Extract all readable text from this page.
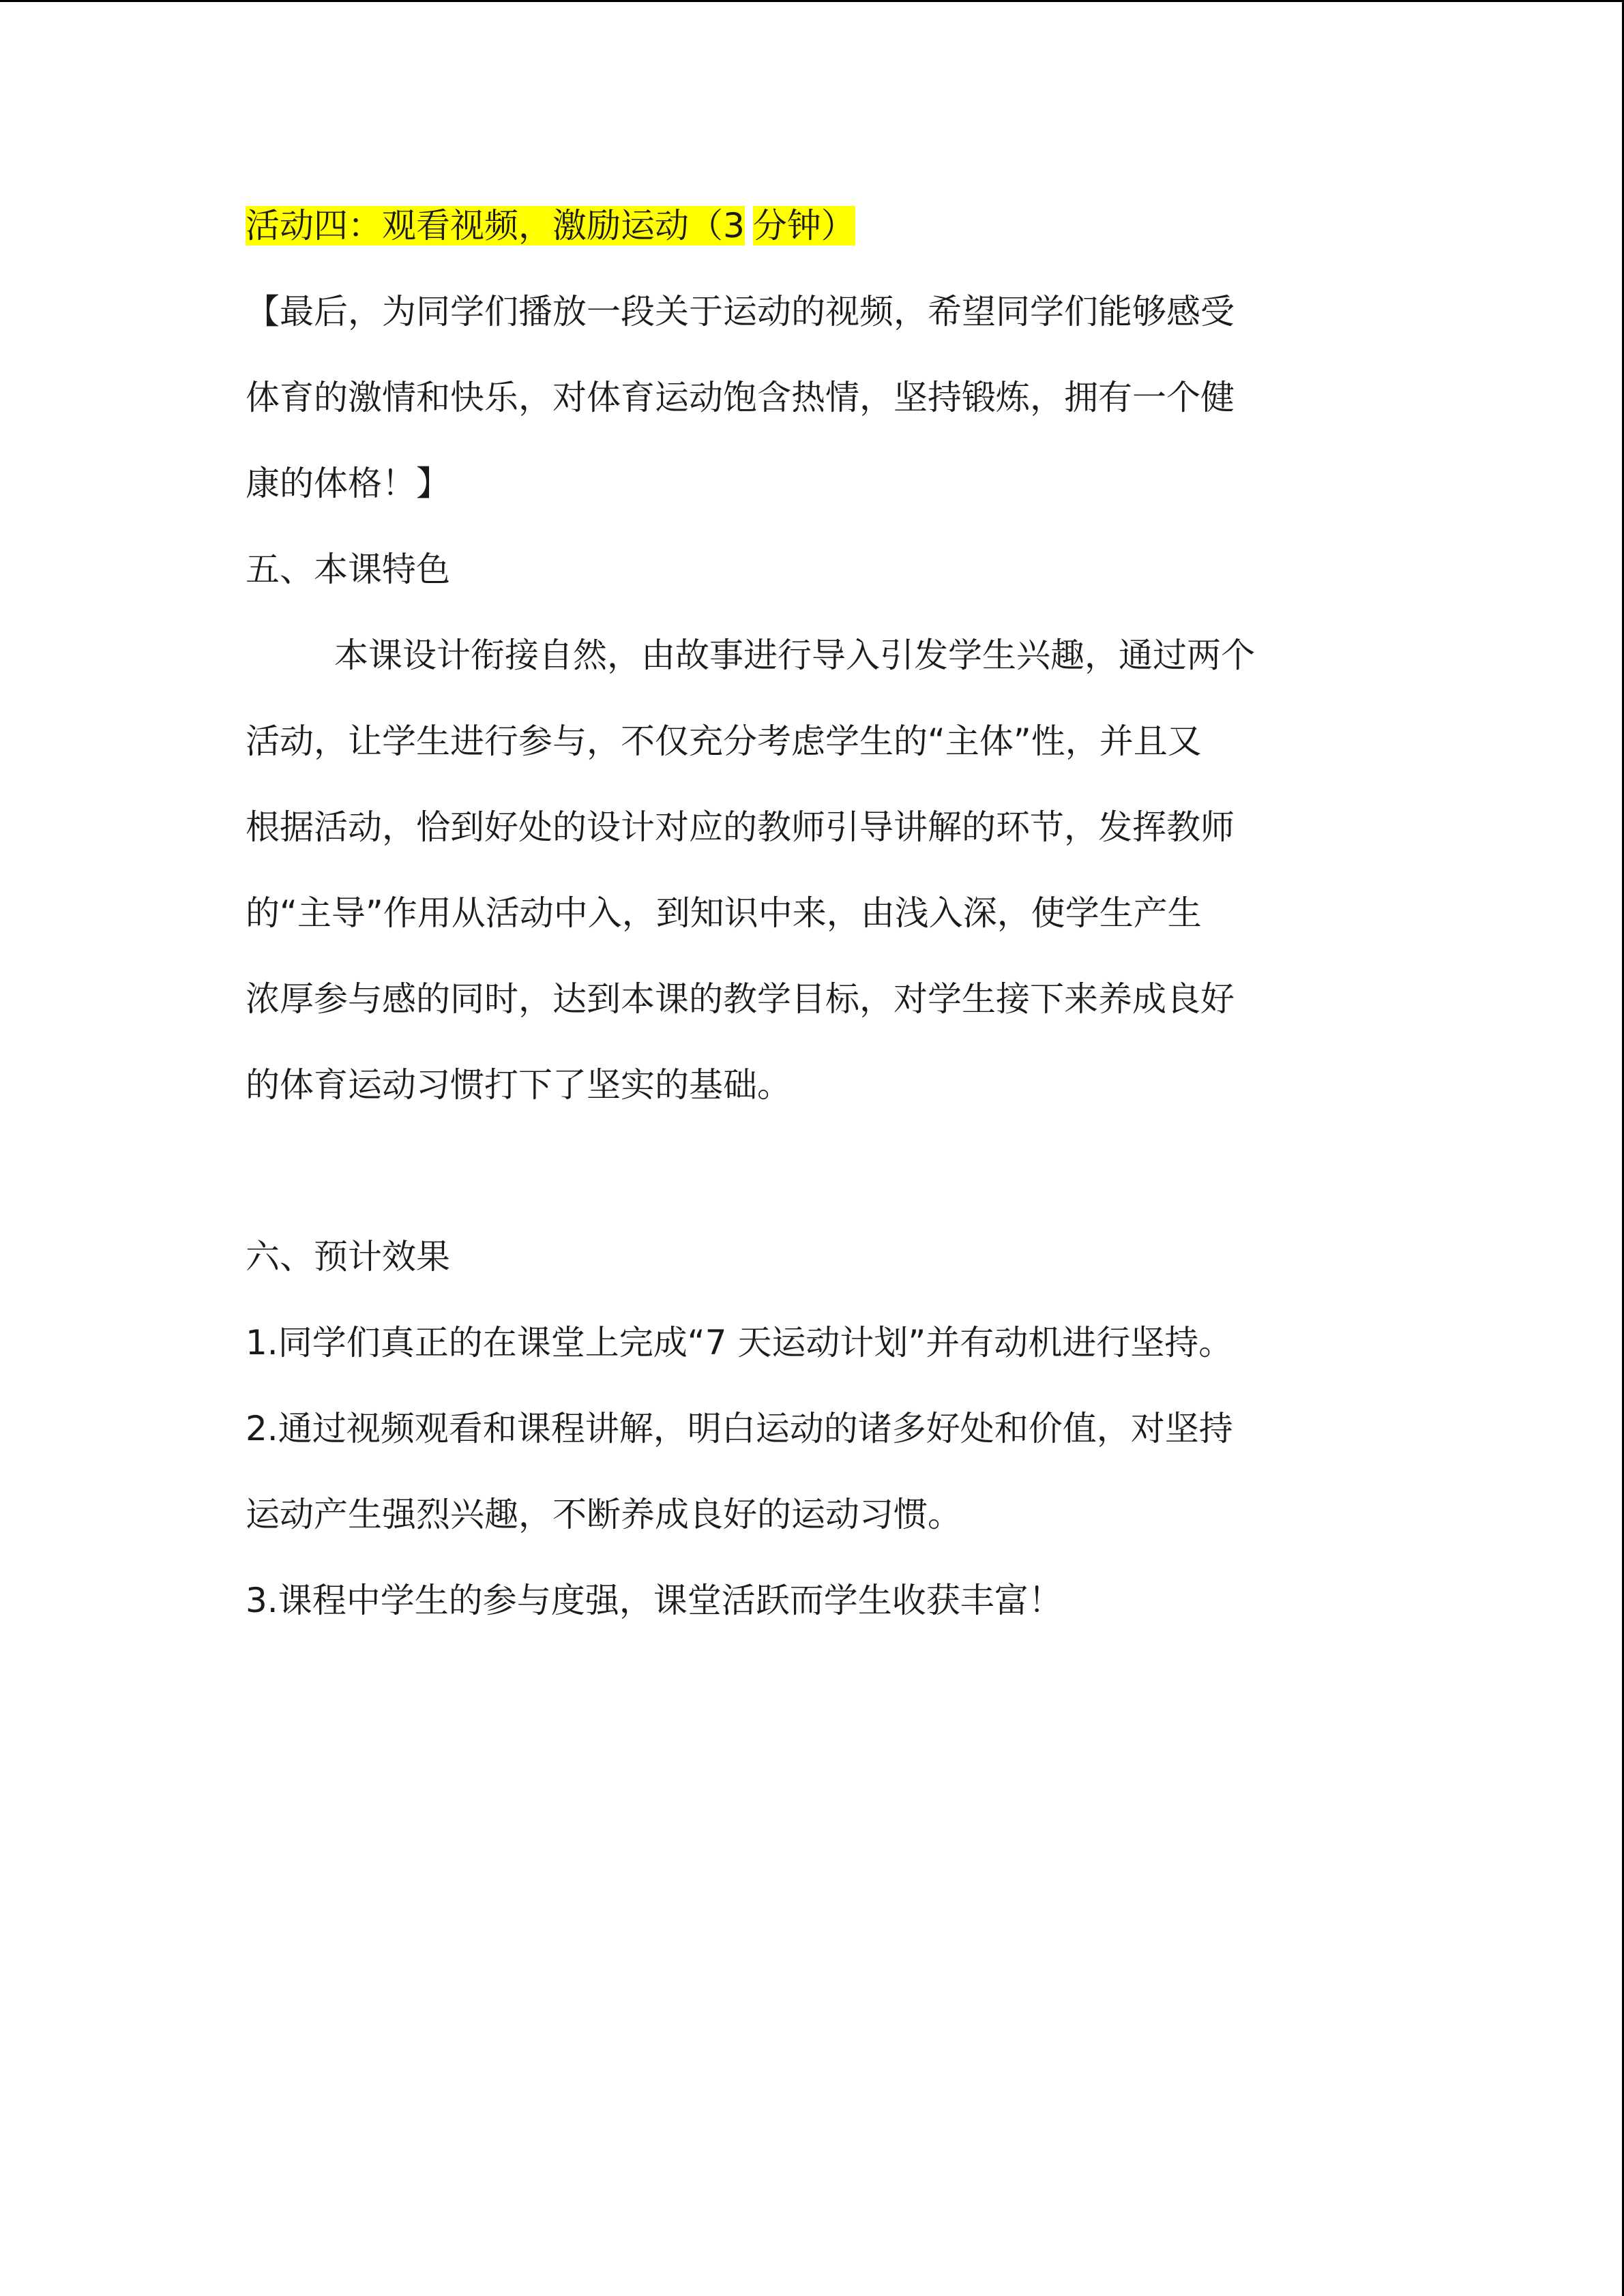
活动四：观看视频，激励运动（3 分钟）

【最后，为同学们播放一段关于运动的视频，希望同学们能够感受

体育的激情和快乐，对体育运动饱含热情，坚持锻炼，拥有一个健

康的体格！】

五、本课特色

本课设计衔接自然，由故事进行导入引发学生兴趣，通过两个

活动，让学生进行参与，不仅充分考虑学生的“主体”性，并且又

根据活动，恰到好处的设计对应的教师引导讲解的环节，发挥教师

的“主导”作用从活动中入，到知识中来，由浅入深，使学生产生

浓厚参与感的同时，达到本课的教学目标，对学生接下来养成良好

的体育运动习惯打下了坚实的基础。

六、预计效果

1.同学们真正的在课堂上完成“7 天运动计划”并有动机进行坚持。

2.通过视频观看和课程讲解，明白运动的诸多好处和价值，对坚持

运动产生强烈兴趣，不断养成良好的运动习惯。

3.课程中学生的参与度强，课堂活跃而学生收获丰富！
